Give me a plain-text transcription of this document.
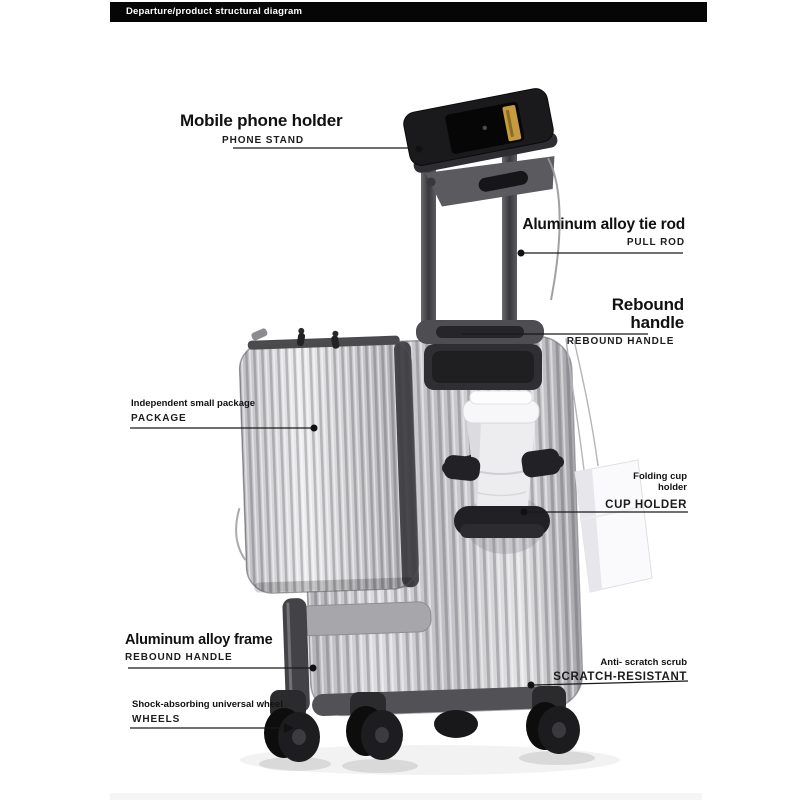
Departure/product structural diagram
Mobile phone holder
PHONE STAND
Aluminum alloy tie rod
PULL ROD
Rebound handle
REBOUND HANDLE
Independent small package
PACKAGE
Folding cup holder
CUP HOLDER
Aluminum alloy frame
REBOUND HANDLE
Shock-absorbing universal wheel
WHEELS
Anti- scratch scrub
SCRATCH-RESISTANT
